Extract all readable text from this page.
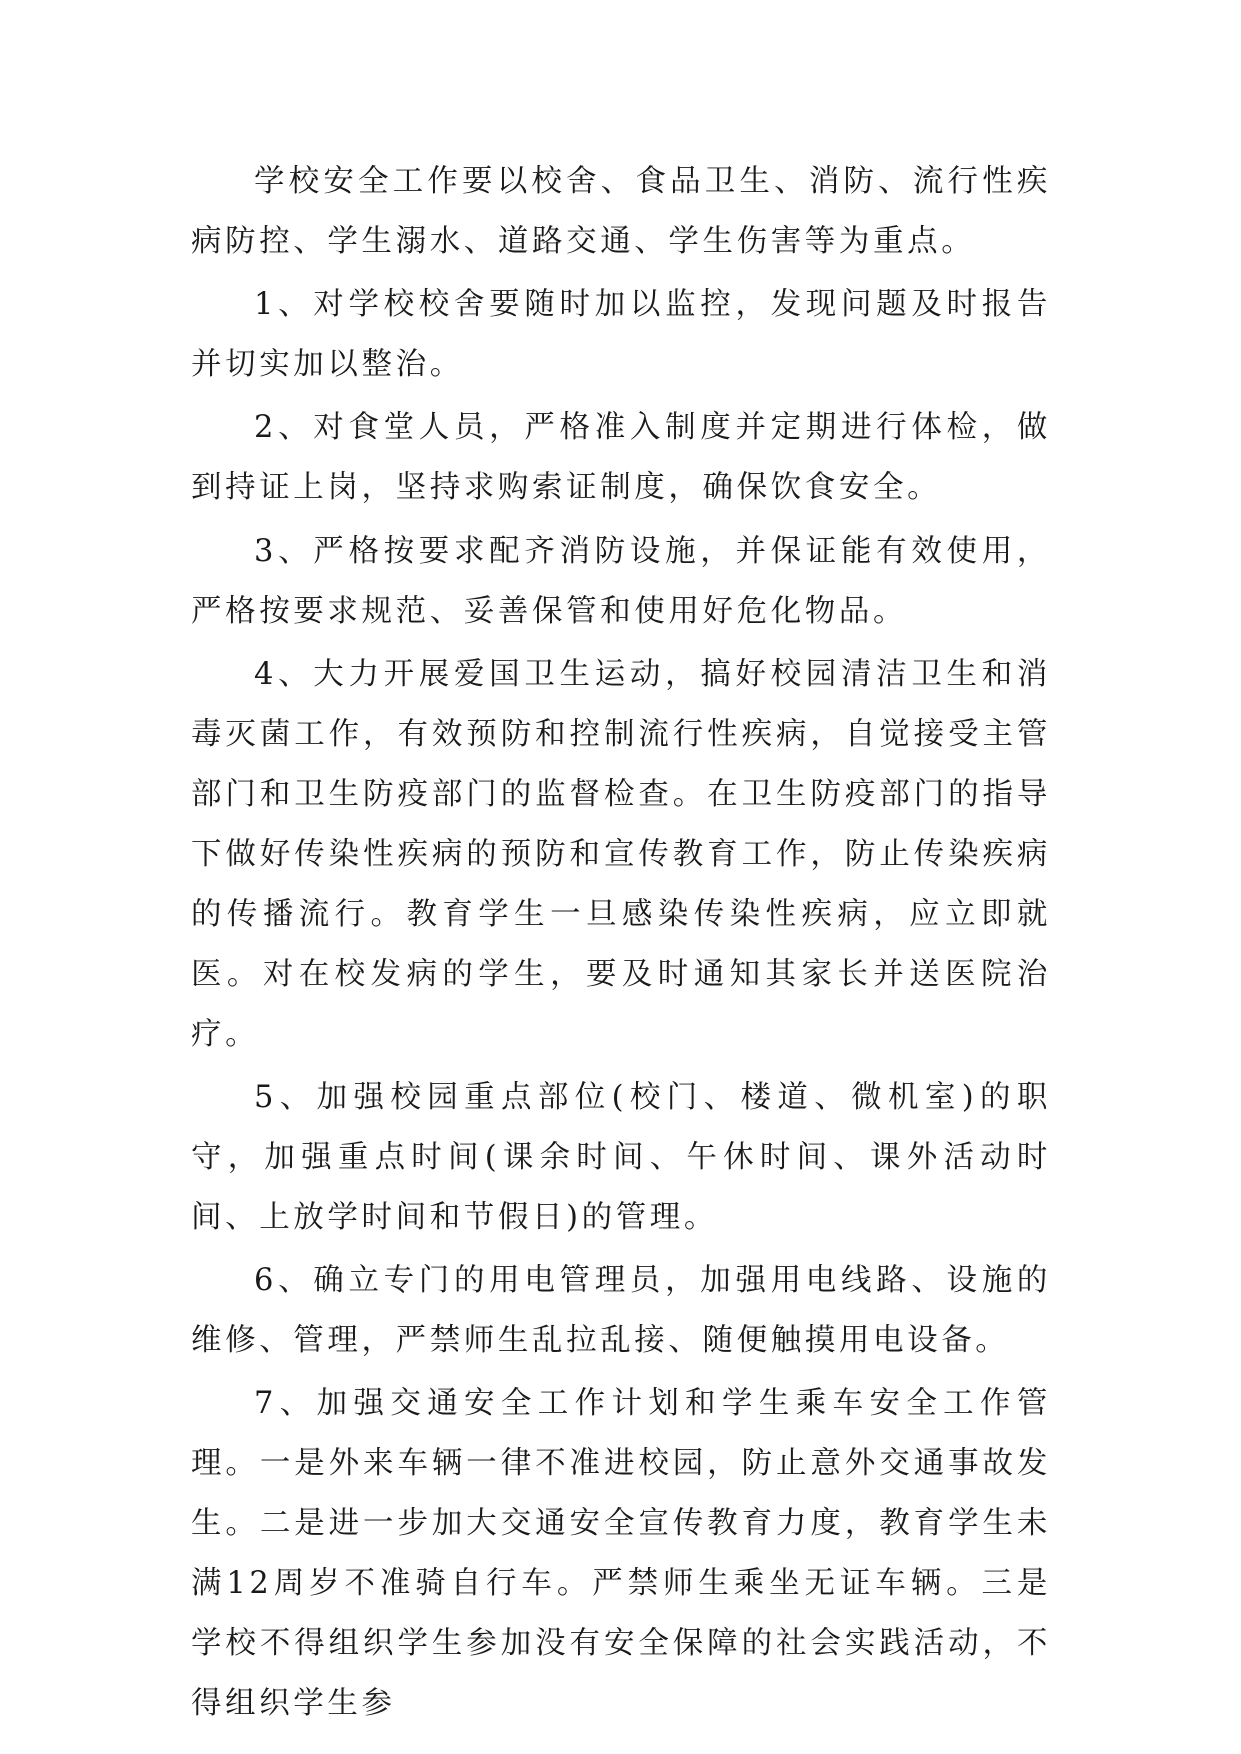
学校安全工作要以校舍、食品卫生、消防、流行性疾病防控、学生溺水、道路交通、学生伤害等为重点。

1、对学校校舍要随时加以监控，发现问题及时报告并切实加以整治。

2、对食堂人员，严格准入制度并定期进行体检，做到持证上岗，坚持求购索证制度，确保饮食安全。

3、严格按要求配齐消防设施，并保证能有效使用，严格按要求规范、妥善保管和使用好危化物品。

4、大力开展爱国卫生运动，搞好校园清洁卫生和消毒灭菌工作，有效预防和控制流行性疾病，自觉接受主管部门和卫生防疫部门的监督检查。在卫生防疫部门的指导下做好传染性疾病的预防和宣传教育工作，防止传染疾病的传播流行。教育学生一旦感染传染性疾病，应立即就医。对在校发病的学生，要及时通知其家长并送医院治疗。

5、加强校园重点部位(校门、楼道、微机室)的职守，加强重点时间(课余时间、午休时间、课外活动时间、上放学时间和节假日)的管理。

6、确立专门的用电管理员，加强用电线路、设施的维修、管理，严禁师生乱拉乱接、随便触摸用电设备。

7、加强交通安全工作计划和学生乘车安全工作管理。一是外来车辆一律不准进校园，防止意外交通事故发生。二是进一步加大交通安全宣传教育力度，教育学生未满12周岁不准骑自行车。严禁师生乘坐无证车辆。三是学校不得组织学生参加没有安全保障的社会实践活动，不得组织学生参
